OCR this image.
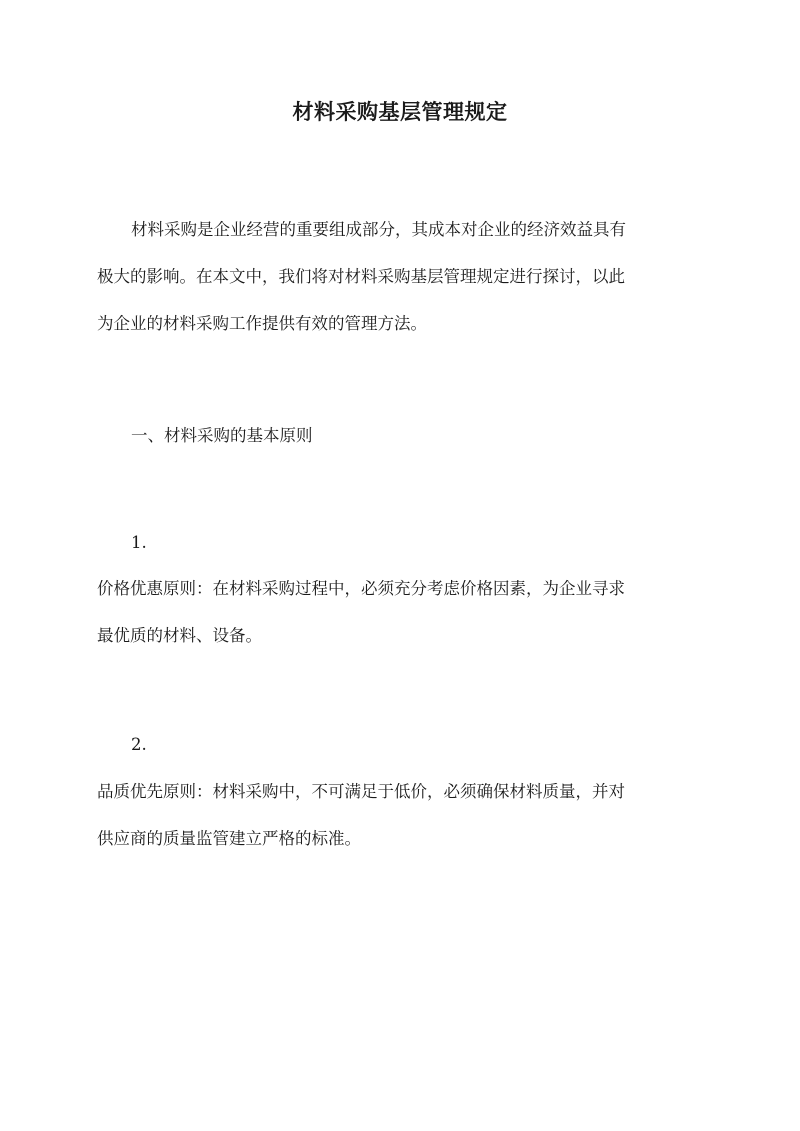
材料采购基层管理规定
材料采购是企业经营的重要组成部分，其成本对企业的经济效益具有
极大的影响。在本文中，我们将对材料采购基层管理规定进行探讨，以此
为企业的材料采购工作提供有效的管理方法。
一、材料采购的基本原则
1.
价格优惠原则：在材料采购过程中，必须充分考虑价格因素，为企业寻求
最优质的材料、设备。
2.
品质优先原则：材料采购中，不可满足于低价，必须确保材料质量，并对
供应商的质量监管建立严格的标准。
